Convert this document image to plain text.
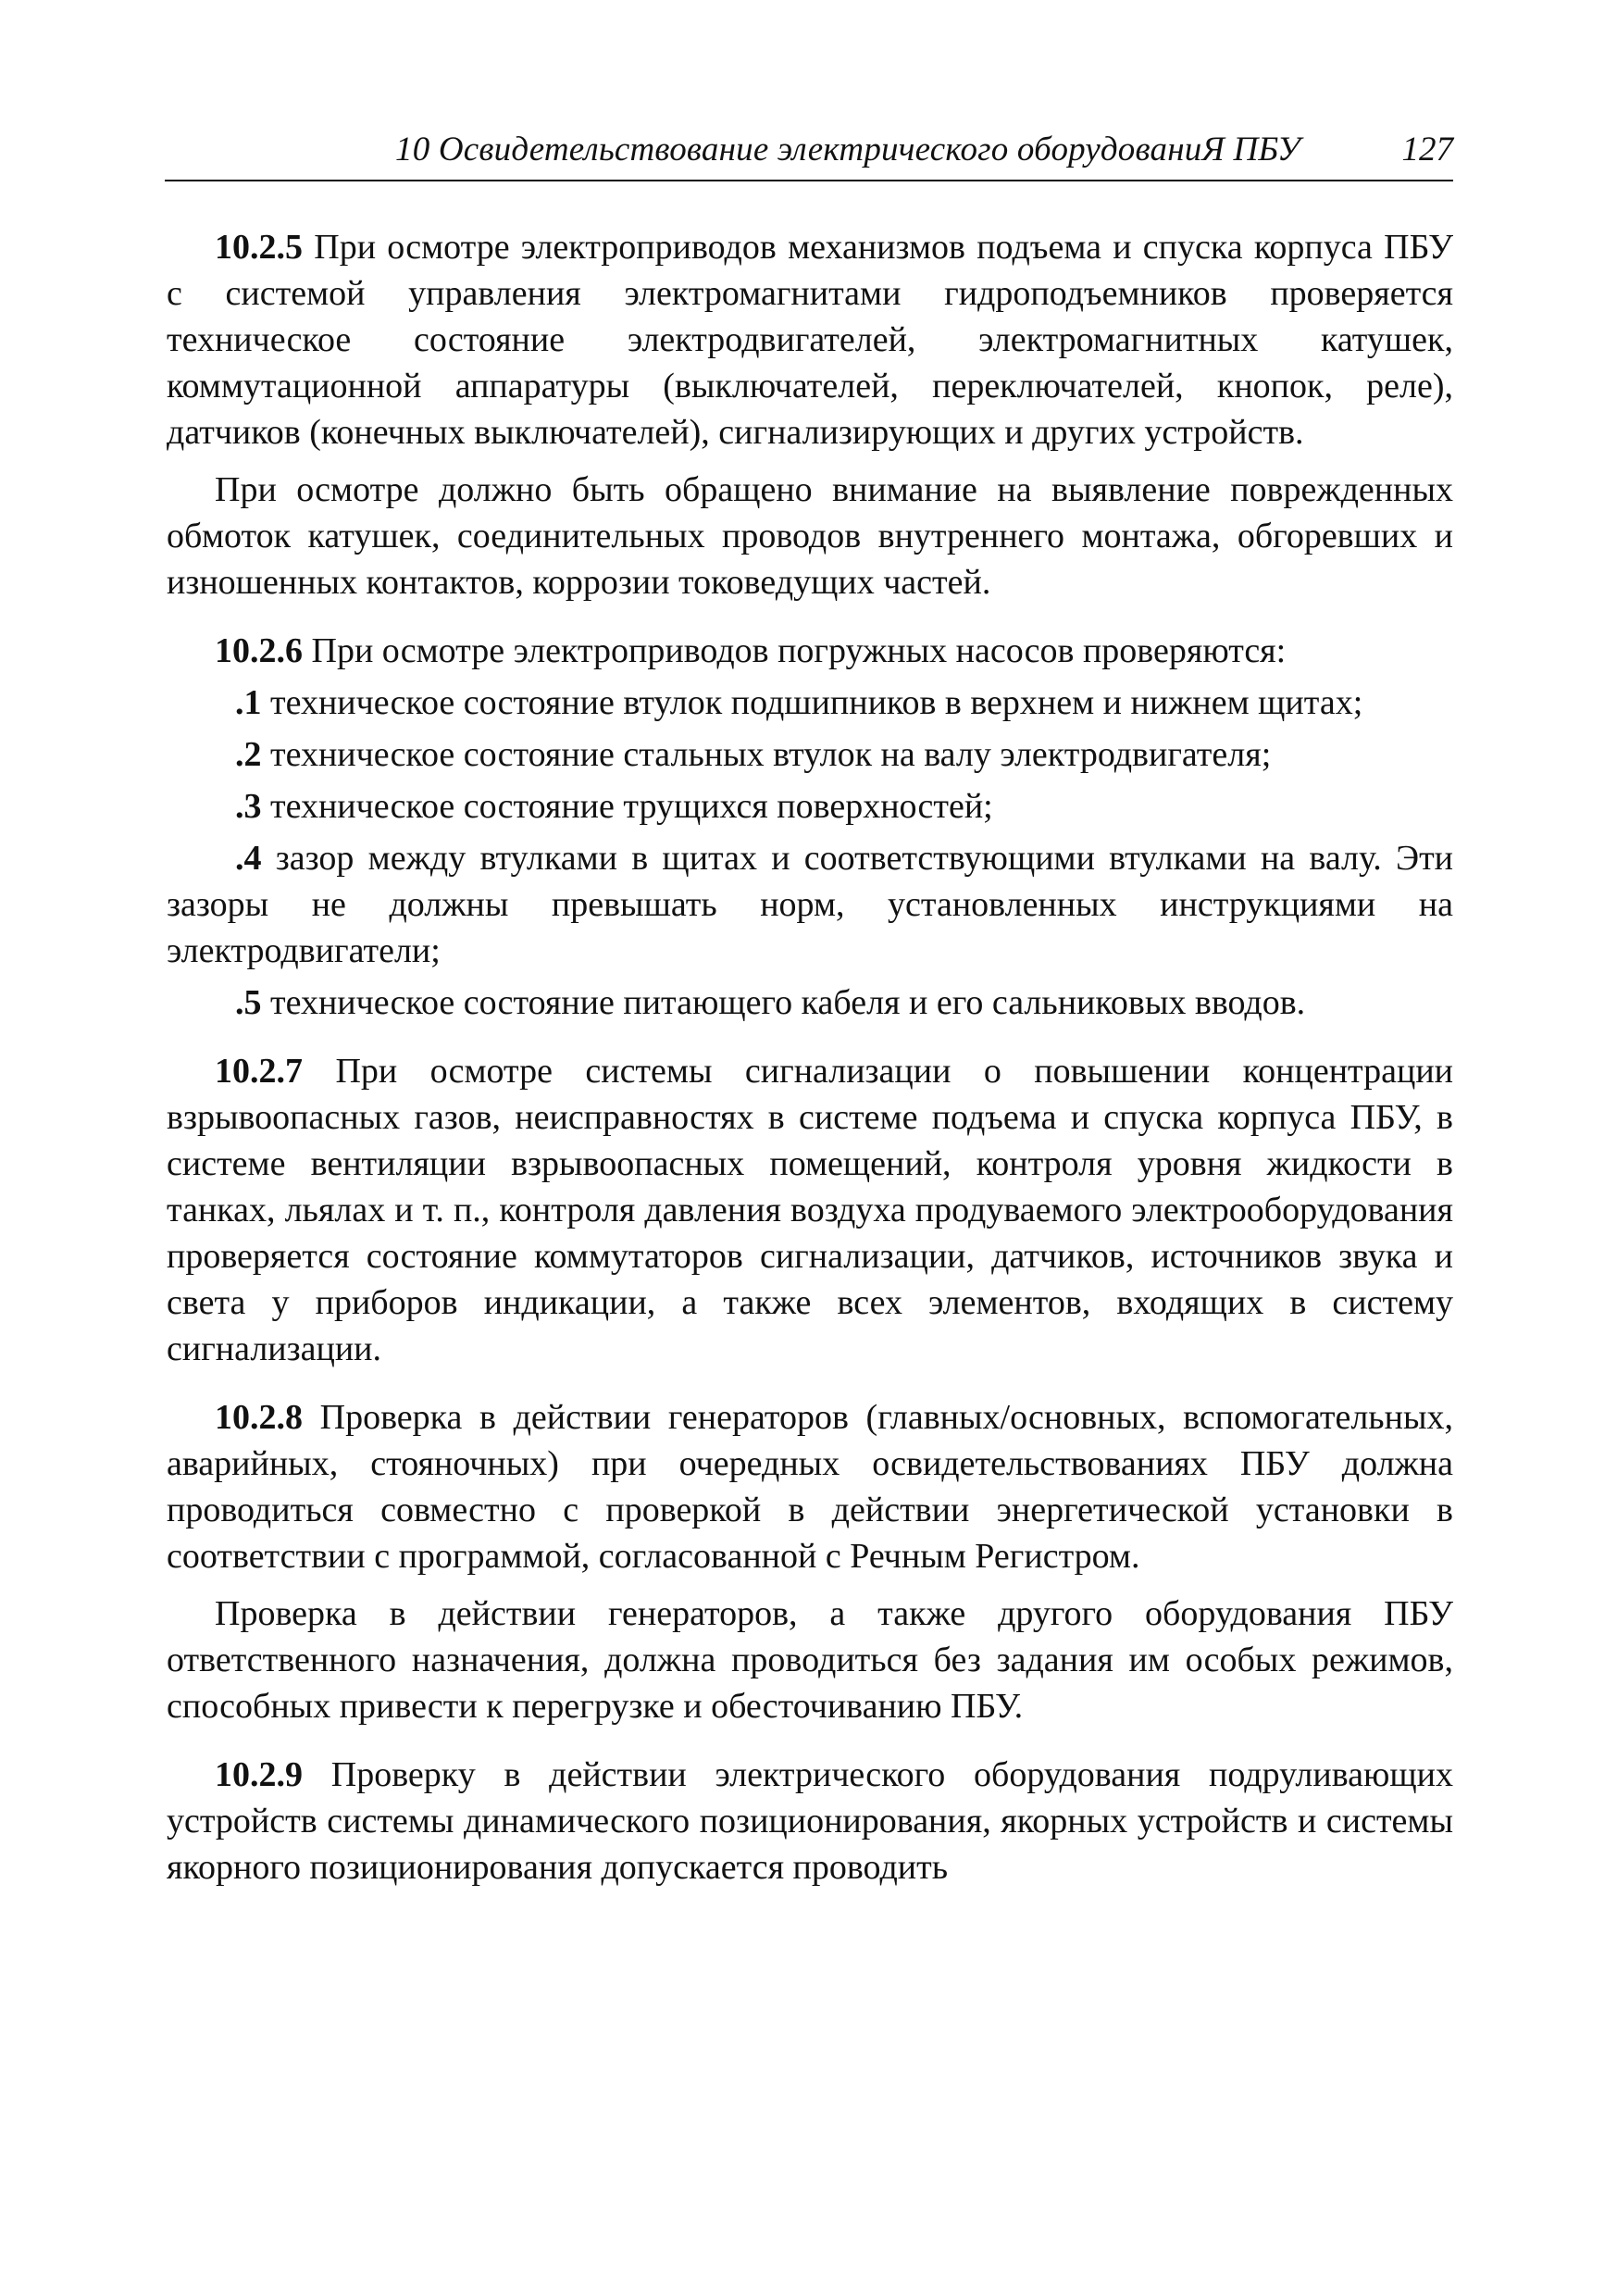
10 Освидетельствование электрического оборудованиЯ ПБУ	127

10.2.5 При осмотре электроприводов механизмов подъема и спуска корпуса ПБУ с системой управления электромагнитами гидроподъемников проверяется техническое состояние электродвигателей, электромагнитных катушек, коммутационной аппаратуры (выключателей, переключателей, кнопок, реле), датчиков (конечных выключателей), сигнализирующих и других устройств.

При осмотре должно быть обращено внимание на выявление поврежденных обмоток катушек, соединительных проводов внутреннего монтажа, обгоревших и изношенных контактов, коррозии токоведущих частей.

10.2.6 При осмотре электроприводов погружных насосов проверяются:

.1 техническое состояние втулок подшипников в верхнем и нижнем щитах;

.2 техническое состояние стальных втулок на валу электродвигателя;

.3 техническое состояние трущихся поверхностей;

.4 зазор между втулками в щитах и соответствующими втулками на валу. Эти зазоры не должны превышать норм, установленных инструкциями на электродвигатели;

.5 техническое состояние питающего кабеля и его сальниковых вводов.

10.2.7 При осмотре системы сигнализации о повышении концентрации взрывоопасных газов, неисправностях в системе подъема и спуска корпуса ПБУ, в системе вентиляции взрывоопасных помещений, контроля уровня жидкости в танках, льялах и т. п., контроля давления воздуха продуваемого электрооборудования проверяется состояние коммутаторов сигнализации, датчиков, источников звука и света у приборов индикации, а также всех элементов, входящих в систему сигнализации.

10.2.8 Проверка в действии генераторов (главных/основных, вспомогательных, аварийных, стояночных) при очередных освидетельствованиях ПБУ должна проводиться совместно с проверкой в действии энергетической установки в соответствии с программой, согласованной с Речным Регистром.

Проверка в действии генераторов, а также другого оборудования ПБУ ответственного назначения, должна проводиться без задания им особых режимов, способных привести к перегрузке и обесточиванию ПБУ.

10.2.9 Проверку в действии электрического оборудования подруливающих устройств системы динамического позиционирования, якорных устройств и системы якорного позиционирования допускается проводить
